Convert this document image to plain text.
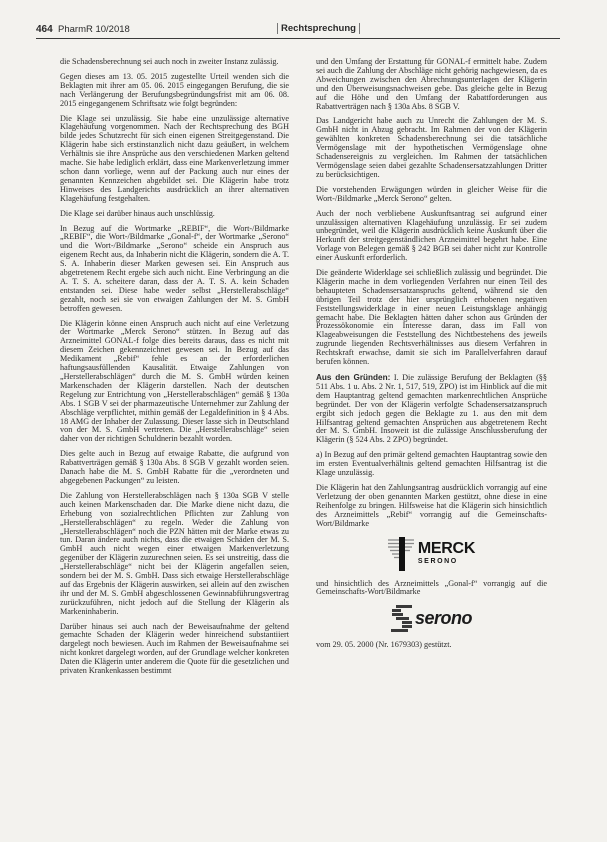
464 PharmR 10/2018	Rechtsprechung

die Schadensberechnung sei auch noch in zweiter Instanz zulässig.

Gegen dieses am 13. 05. 2015 zugestellte Urteil wenden sich die Beklagten mit ihrer am 05. 06. 2015 eingegangen Berufung, die sie nach Verlängerung der Berufungsbegründungsfrist mit am 06. 08. 2015 eingegangenem Schriftsatz wie folgt begründen:

Die Klage sei unzulässig. Sie habe eine unzulässige alternative Klagehäufung vorgenommen. Nach der Rechtsprechung des BGH bilde jedes Schutzrecht für sich einen eigenen Streitgegenstand. Die Klägerin habe sich erstinstanzlich nicht dazu geäußert, in welchem Verhältnis sie ihre Ansprüche aus den verschiedenen Marken geltend mache. Sie habe lediglich erklärt, dass eine Markenverletzung immer schon dann vorliege, wenn auf der Packung auch nur eines der genannten Kennzeichen abgebildet sei. Die Klägerin habe trotz Hinweises des Landgerichts ausdrücklich an ihrer alternativen Klagehäufung festgehalten.

Die Klage sei darüber hinaus auch unschlüssig.

In Bezug auf die Wortmarke „REBIF“, die Wort-/Bildmarke „REBIF“, die Wort-/Bildmarke „Gonal-f“, der Wortmarke „Serono“ und die Wort-/Bildmarke „Serono“ scheide ein Anspruch aus eigenem Recht aus, da Inhaberin nicht die Klägerin, sondern die A. T. S. A. Inhaberin dieser Marken gewesen sei. Ein Anspruch aus abgetretenem Recht ergebe sich auch nicht. Eine Verbringung an die A. T. S. A. scheitere daran, dass der A. T. S. A. kein Schaden entstanden sei. Diese habe weder selbst „Herstellerabschläge“ gezahlt, noch sei sie von etwaigen Zahlungen der M. S. GmbH betroffen gewesen.

Die Klägerin könne einen Anspruch auch nicht auf eine Verletzung der Wortmarke „Merck Serono“ stützen. In Bezug auf das Arzneimittel GONAL-f folge dies bereits daraus, dass es nicht mit diesem Zeichen gekennzeichnet gewesen sei. In Bezug auf das Medikament „Rebif“ fehle es an der erforderlichen haftungsausfüllenden Kausalität. Etwaige Zahlungen von „Herstellerabschlägen“ durch die M. S. GmbH würden keinen Markenschaden der Klägerin darstellen. Nach der deutschen Regelung zur Entrichtung von „Herstellerabschlägen“ gemäß § 130a Abs. 1 SGB V sei der pharmazeutische Unternehmer zur Zahlung der Abschläge verpflichtet, mithin gemäß der Legaldefinition in § 4 Abs. 18 AMG der Inhaber der Zulassung. Dieser lasse sich in Deutschland von der M. S. GmbH vertreten. Die „Herstellerabschläge“ seien daher von der richtigen Schuldnerin bezahlt worden.

Dies gelte auch in Bezug auf etwaige Rabatte, die aufgrund von Rabattverträgen gemäß § 130a Abs. 8 SGB V gezahlt worden seien. Danach habe die M. S. GmbH Rabatte für die „verordneten und abgegebenen Packungen“ zu leisten.

Die Zahlung von Herstellerabschlägen nach § 130a SGB V stelle auch keinen Markenschaden dar. Die Marke diene nicht dazu, die Erhebung von sozialrechtlichen Pflichten zur Zahlung von „Herstellerabschlägen“ zu regeln. Weder die Zahlung von „Herstellerabschlägen“ noch die PZN hätten mit der Marke etwas zu tun. Daran ändere auch nichts, dass die etwaigen Schäden der M. S. GmbH auch nicht wegen einer etwaigen Markenverletzung gegenüber der Klägerin zuzurechnen seien. Es sei unstreitig, dass die „Herstellerabschläge“ nicht bei der Klägerin angefallen seien, sondern bei der M. S. GmbH. Dass sich etwaige Herstellerabschläge auf das Ergebnis der Klägerin auswirken, sei allein auf den zwischen ihr und der M. S. GmbH abgeschlossenen Gewinnabführungsvertrag zurückzuführen, nicht jedoch auf die Stellung der Klägerin als Markeninhaberin.

Darüber hinaus sei auch nach der Beweisaufnahme der geltend gemachte Schaden der Klägerin weder hinreichend substantiiert dargelegt noch bewiesen. Auch im Rahmen der Beweisaufnahme sei nicht konkret dargelegt worden, auf der Grundlage welcher konkreten Daten die Klägerin unter anderem die Quote für die gesetzlichen und privaten Krankenkassen bestimmt

und den Umfang der Erstattung für GONAL-f ermittelt habe. Zudem sei auch die Zahlung der Abschläge nicht gehörig nachgewiesen, da es Abweichungen zwischen den Abrechnungsunterlagen der Klägerin und den Überweisungsnachweisen gebe. Das gleiche gelte in Bezug auf die Höhe und den Umfang der Rabattforderungen aus Rabattverträgen nach § 130a Abs. 8 SGB V.

Das Landgericht habe auch zu Unrecht die Zahlungen der M. S. GmbH nicht in Abzug gebracht. Im Rahmen der von der Klägerin gewählten konkreten Schadensberechnung sei die tatsächliche Vermögenslage mit der hypothetischen Vermögenslage ohne Schadensereignis zu vergleichen. Im Rahmen der tatsächlichen Vermögenslage seien dabei gezahlte Schadensersatzzahlungen Dritter zu berücksichtigen.

Die vorstehenden Erwägungen würden in gleicher Weise für die Wort-/Bildmarke „Merck Serono“ gelten.

Auch der noch verbliebene Auskunftsantrag sei aufgrund einer unzulässigen alternativen Klagehäufung unzulässig. Er sei zudem unbegründet, weil die Klägerin ausdrücklich keine Auskunft über die Herkunft der streitgegenständlichen Arzneimittel begehrt habe. Eine Vorlage von Belegen gemäß § 242 BGB sei daher nicht zur Kontrolle einer Auskunft erforderlich.

Die geänderte Widerklage sei schließlich zulässig und begründet. Die Klägerin mache in dem vorliegenden Verfahren nur einen Teil des behaupteten Schadensersatzanspruchs geltend, während sie den übrigen Teil trotz der hier ursprünglich erhobenen negativen Feststellungswiderklage in einer neuen Leistungsklage anhängig gemacht habe. Die Beklagten hätten daher schon aus Gründen der Prozessökonomie ein Interesse daran, dass im Fall von Klageabweisungen die Feststellung des Nichtbestehens des jeweils zugrunde liegenden Rechtsverhältnisses aus diesem Verfahren in Rechtskraft erwachse, damit sie sich im Parallelverfahren darauf berufen können.

Aus den Gründen: I. Die zulässige Berufung der Beklagten (§§ 511 Abs. 1 u. Abs. 2 Nr. 1, 517, 519, ZPO) ist im Hinblick auf die mit dem Hauptantrag geltend gemachten markenrechtlichen Ansprüche begründet. Der von der Klägerin verfolgte Schadensersatzanspruch ergibt sich jedoch gegen die Beklagte zu 1. aus den mit dem Hilfsantrag geltend gemachten Ansprüchen aus abgetretenem Recht der M. S. GmbH. Insoweit ist die zulässige Anschlussberufung der Klägerin (§ 524 Abs. 2 ZPO) begründet.

a) In Bezug auf den primär geltend gemachten Hauptantrag sowie den im ersten Eventualverhältnis geltend gemachten Hilfsantrag ist die Klage unzulässig.

Die Klägerin hat den Zahlungsantrag ausdrücklich vorrangig auf eine Verletzung der oben genannten Marken gestützt, ohne diese in eine Reihenfolge zu bringen. Hilfsweise hat die Klägerin sich hinsichtlich des Arzneimittels „Rebif“ vorrangig auf die Gemeinschafts-Wort/Bildmarke

MERCK
SERONO

und hinsichtlich des Arzneimittels „Gonal-f“ vorrangig auf die Gemeinschafts-Wort/Bildmarke

serono

vom 29. 05. 2000 (Nr. 1679303) gestützt.
